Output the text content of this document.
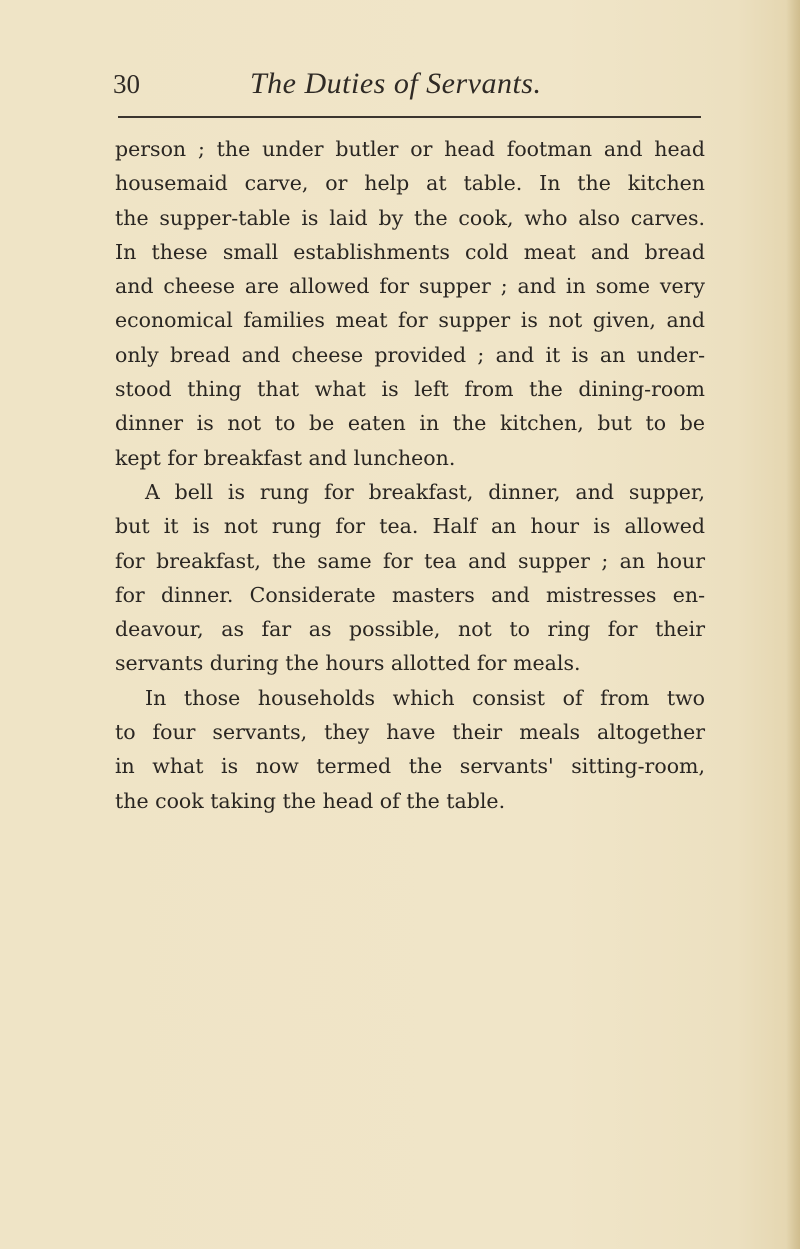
30	The Duties of Servants.
person ; the under butler or head footman and head
housemaid carve, or help at table. In the kitchen
the supper-table is laid by the cook, who also carves.
In these small establishments cold meat and bread
and cheese are allowed for supper ; and in some very
economical families meat for supper is not given, and
only bread and cheese provided ; and it is an under-
stood thing that what is left from the dining-room
dinner is not to be eaten in the kitchen, but to be
kept for breakfast and luncheon.
A bell is rung for breakfast, dinner, and supper,
but it is not rung for tea. Half an hour is allowed
for breakfast, the same for tea and supper ; an hour
for dinner. Considerate masters and mistresses en-
deavour, as far as possible, not to ring for their
servants during the hours allotted for meals.
In those households which consist of from two
to four servants, they have their meals altogether
in what is now termed the servants' sitting-room,
the cook taking the head of the table.
